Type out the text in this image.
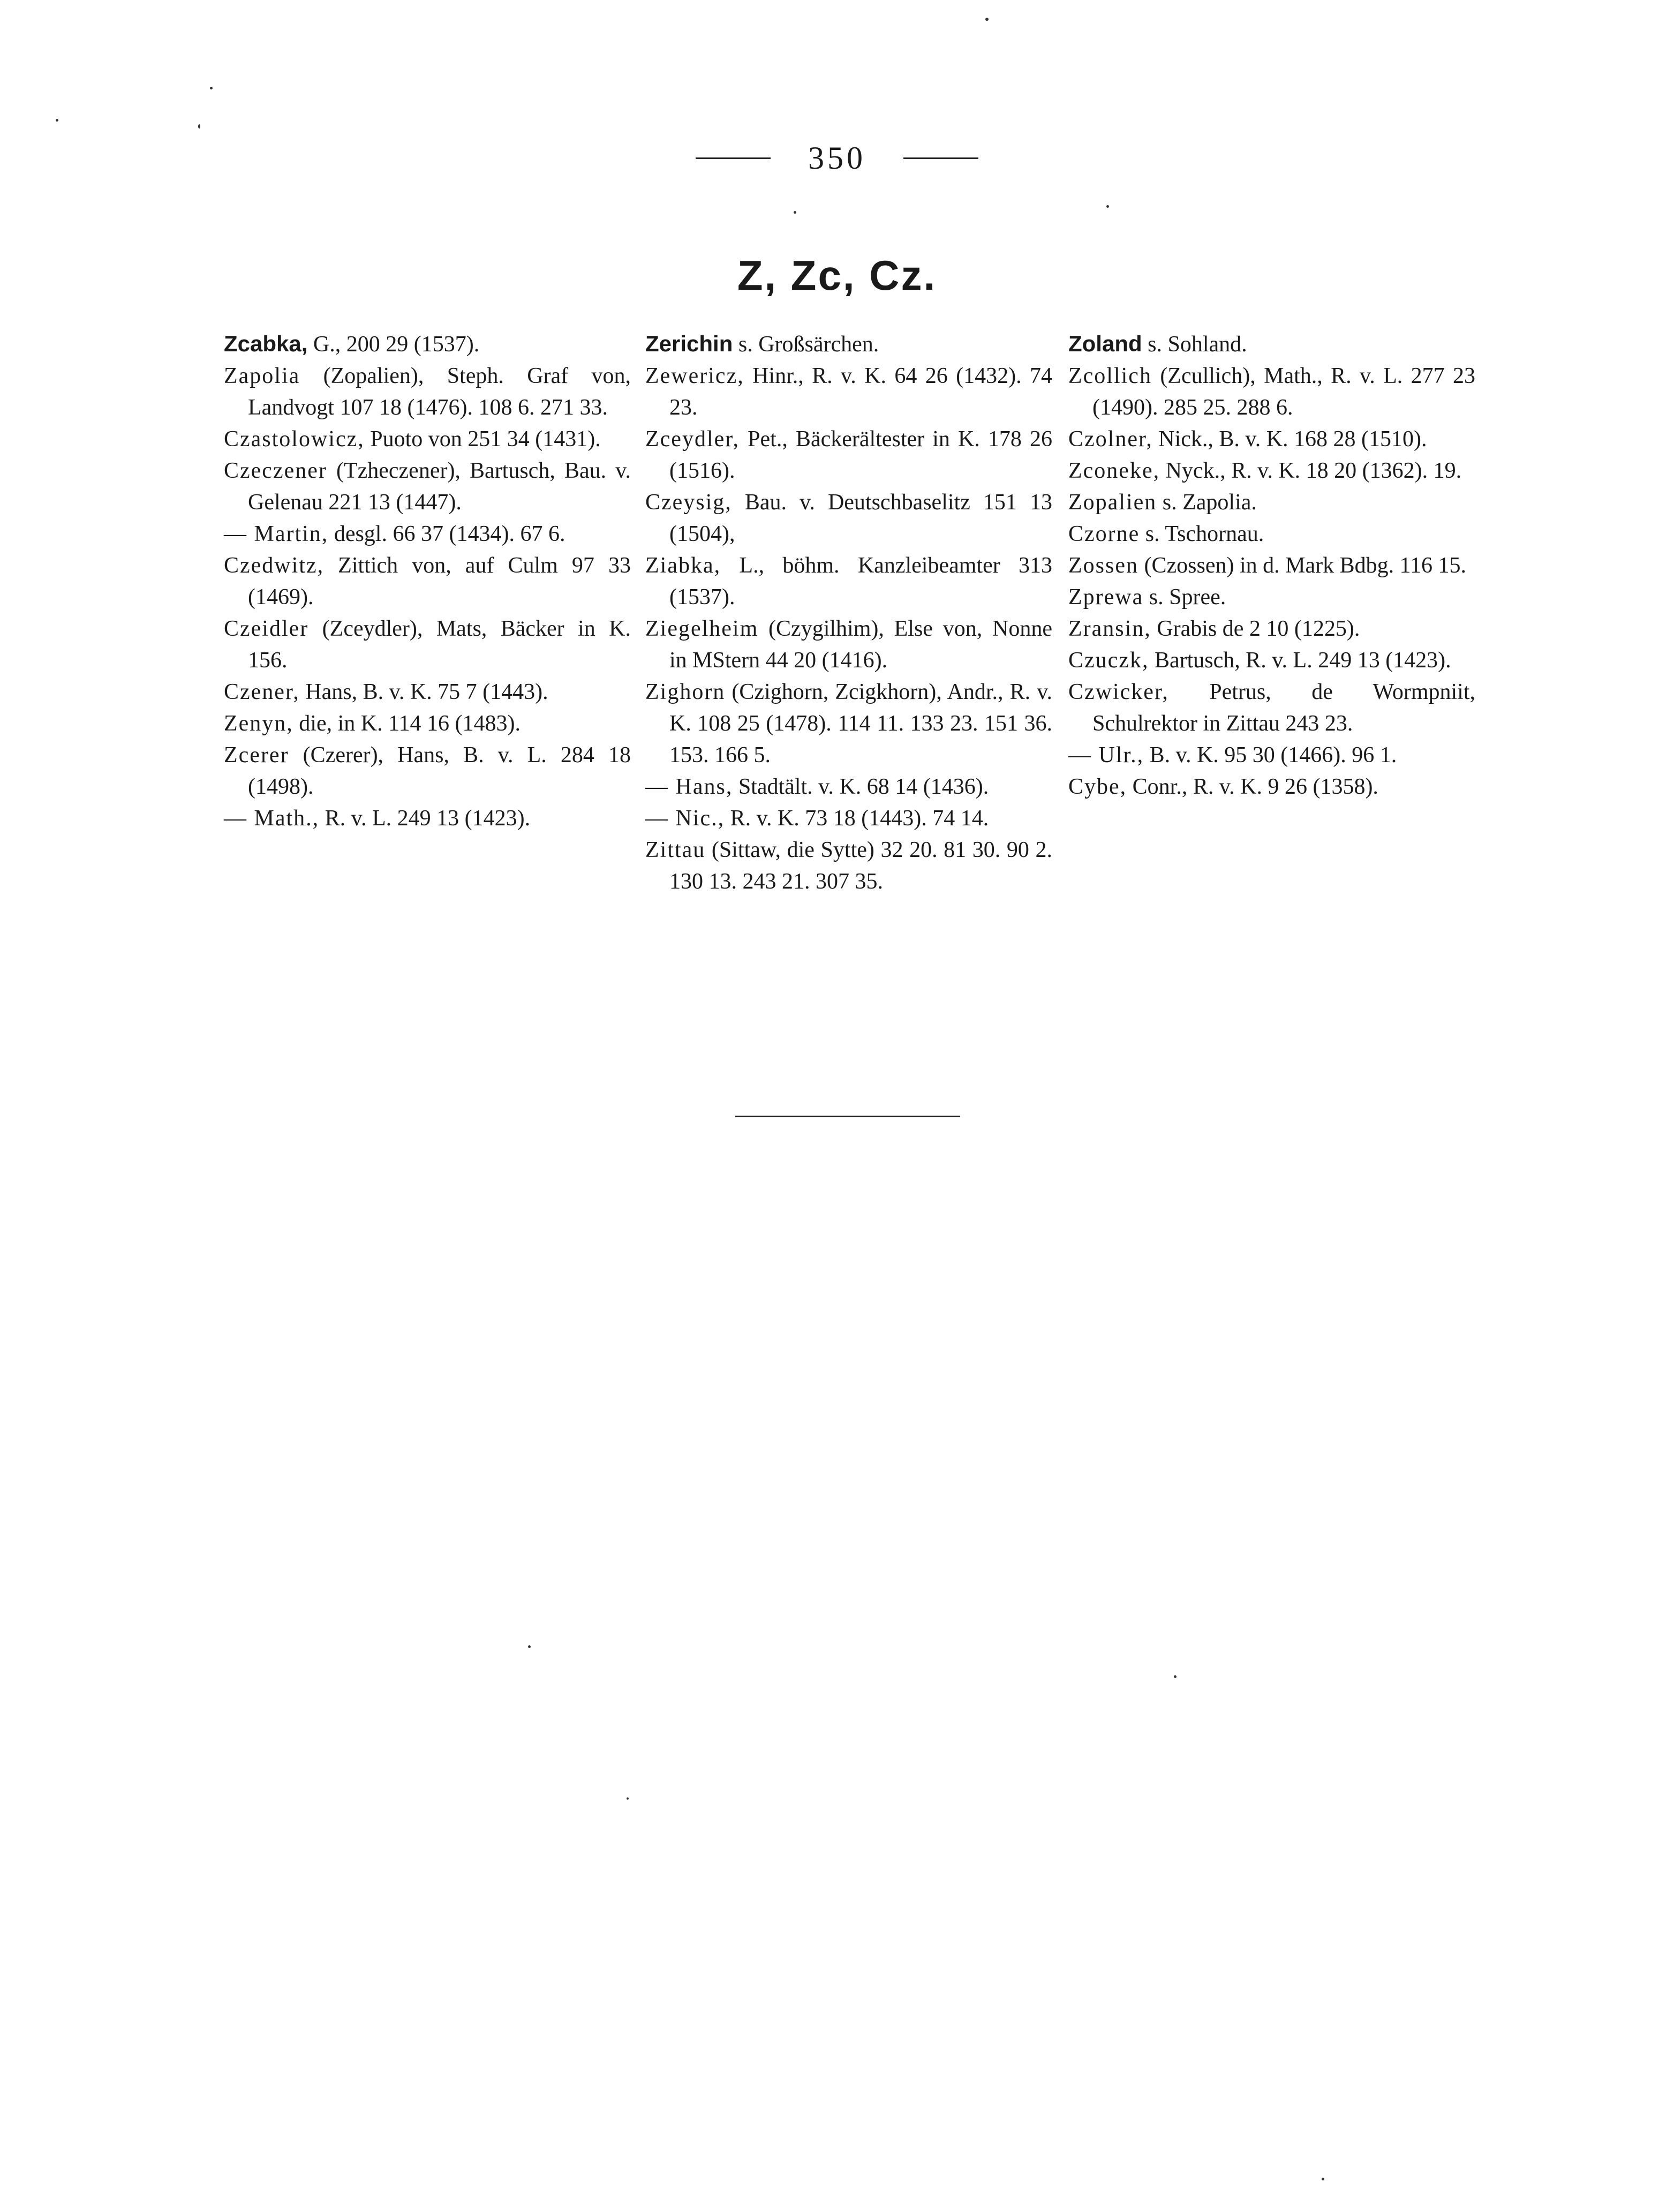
350
Z, Zc, Cz.
Zcabka, G., 200 29 (1537).
Zapolia (Zopalien), Steph. Graf von, Landvogt 107 18 (1476). 108 6. 271 33.
Czastolowicz, Puoto von 251 34 (1431).
Czeczener (Tzheczener), Bartusch, Bau. v. Gelenau 221 13 (1447).
— Martin, desgl. 66 37 (1434). 67 6.
Czedwitz, Zittich von, auf Culm 97 33 (1469).
Czeidler (Zceydler), Mats, Bäcker in K. 156.
Czener, Hans, B. v. K. 75 7 (1443).
Zenyn, die, in K. 114 16 (1483).
Zcerer (Czerer), Hans, B. v. L. 284 18 (1498).
— Math., R. v. L. 249 13 (1423).
Zerichin s. Großsärchen.
Zewericz, Hinr., R. v. K. 64 26 (1432). 74 23.
Zceydler, Pet., Bäckerältester in K. 178 26 (1516).
Czeysig, Bau. v. Deutschbaselitz 151 13 (1504),
Ziabka, L., böhm. Kanzleibeamter 313 (1537).
Ziegelheim (Czygilhim), Else von, Nonne in MStern 44 20 (1416).
Zighorn (Czighorn, Zcigkhorn), Andr., R. v. K. 108 25 (1478). 114 11. 133 23. 151 36. 153. 166 5.
— Hans, Stadtält. v. K. 68 14 (1436).
— Nic., R. v. K. 73 18 (1443). 74 14.
Zittau (Sittaw, die Sytte) 32 20. 81 30. 90 2. 130 13. 243 21. 307 35.
Zoland s. Sohland.
Zcollich (Zcullich), Math., R. v. L. 277 23 (1490). 285 25. 288 6.
Czolner, Nick., B. v. K. 168 28 (1510).
Zconeke, Nyck., R. v. K. 18 20 (1362). 19.
Zopalien s. Zapolia.
Czorne s. Tschornau.
Zossen (Czossen) in d. Mark Bdbg. 116 15.
Zprewa s. Spree.
Zransin, Grabis de 2 10 (1225).
Czuczk, Bartusch, R. v. L. 249 13 (1423).
Czwicker, Petrus, de Wormpniit, Schulrektor in Zittau 243 23.
— Ulr., B. v. K. 95 30 (1466). 96 1.
Cybe, Conr., R. v. K. 9 26 (1358).
